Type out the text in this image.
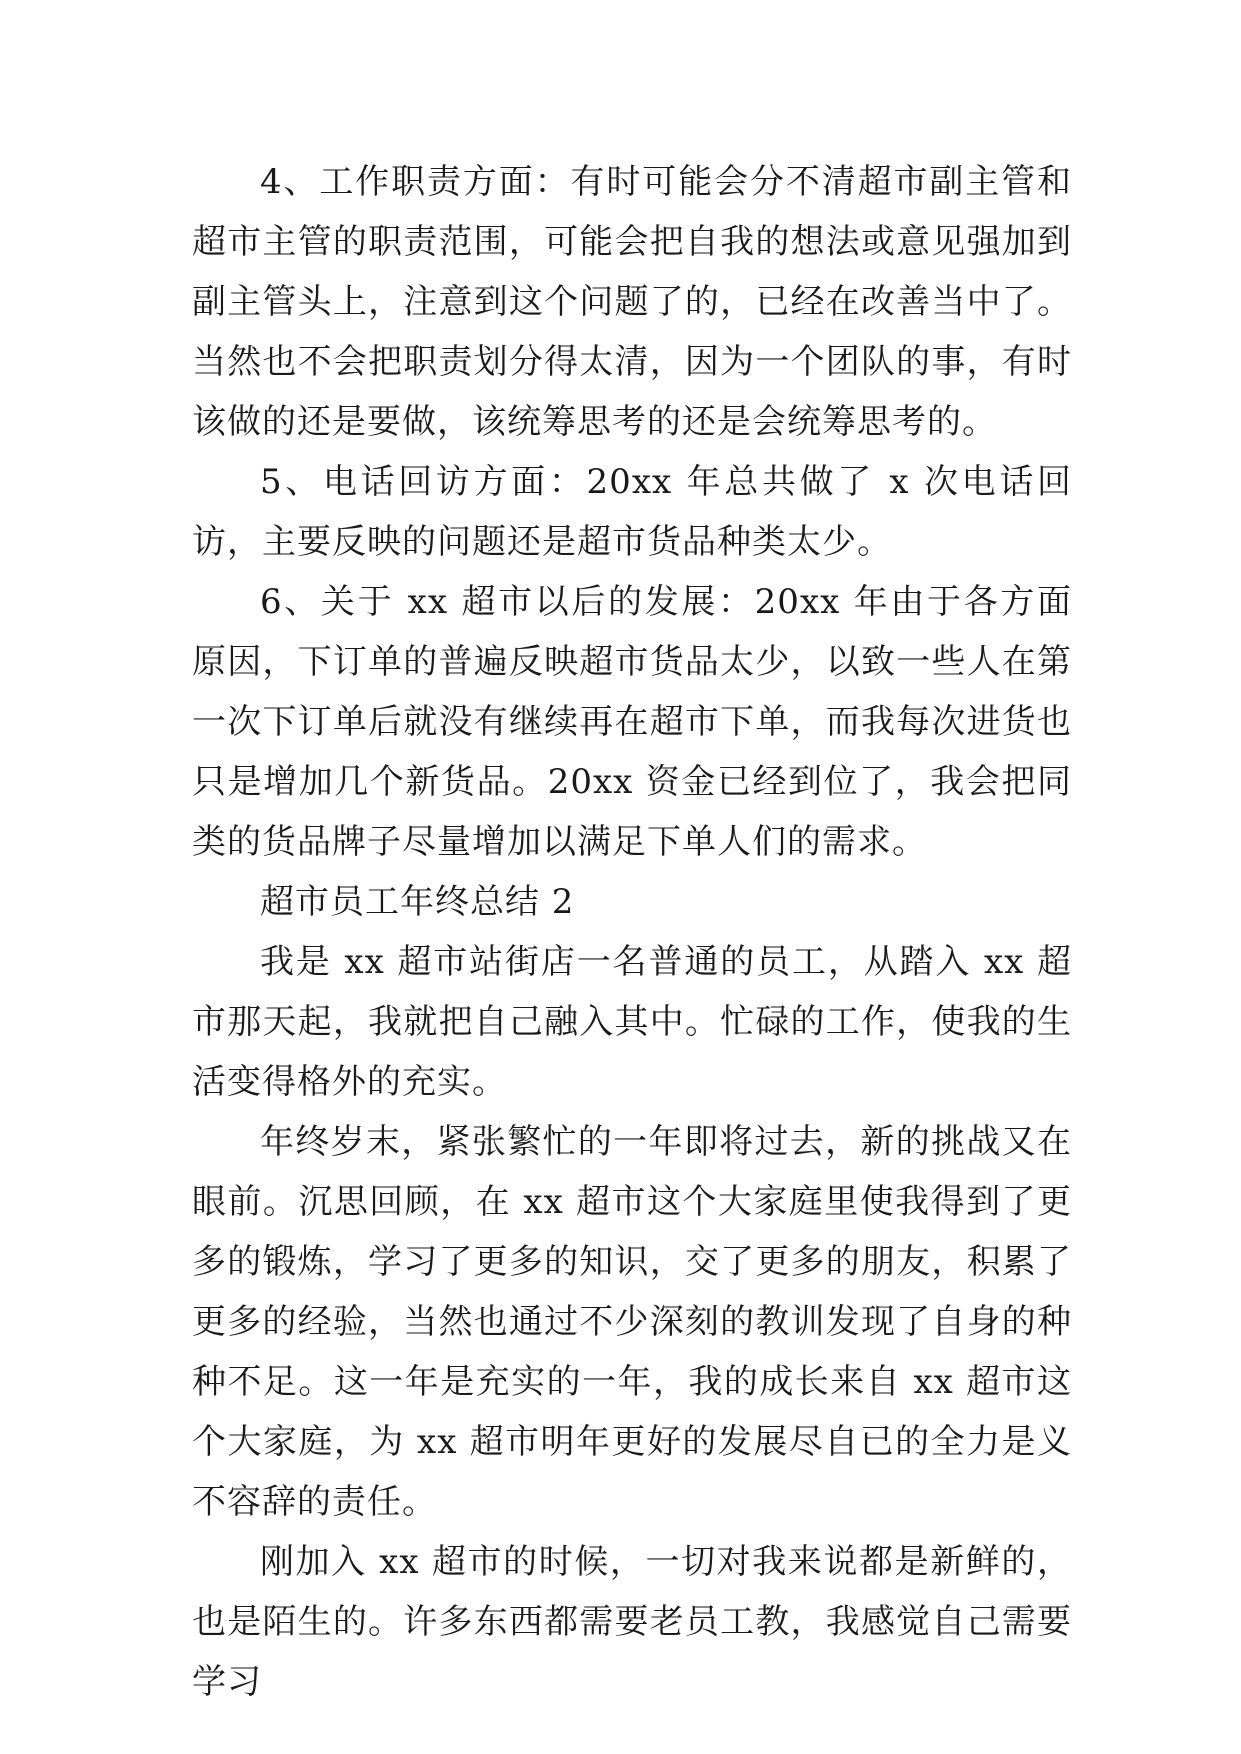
4、工作职责方面：有时可能会分不清超市副主管和超市主管的职责范围，可能会把自我的想法或意见强加到副主管头上，注意到这个问题了的，已经在改善当中了。当然也不会把职责划分得太清，因为一个团队的事，有时该做的还是要做，该统筹思考的还是会统筹思考的。

5、电话回访方面：20xx 年总共做了 x 次电话回访，主要反映的问题还是超市货品种类太少。

6、关于 xx 超市以后的发展：20xx 年由于各方面原因，下订单的普遍反映超市货品太少，以致一些人在第一次下订单后就没有继续再在超市下单，而我每次进货也只是增加几个新货品。20xx 资金已经到位了，我会把同类的货品牌子尽量增加以满足下单人们的需求。

超市员工年终总结 2

我是 xx 超市站街店一名普通的员工，从踏入 xx 超市那天起，我就把自己融入其中。忙碌的工作，使我的生活变得格外的充实。

年终岁末，紧张繁忙的一年即将过去，新的挑战又在眼前。沉思回顾，在 xx 超市这个大家庭里使我得到了更多的锻炼，学习了更多的知识，交了更多的朋友，积累了更多的经验，当然也通过不少深刻的教训发现了自身的种种不足。这一年是充实的一年，我的成长来自 xx 超市这个大家庭，为 xx 超市明年更好的发展尽自已的全力是义不容辞的责任。

刚加入 xx 超市的时候，一切对我来说都是新鲜的，也是陌生的。许多东西都需要老员工教，我感觉自己需要学习
